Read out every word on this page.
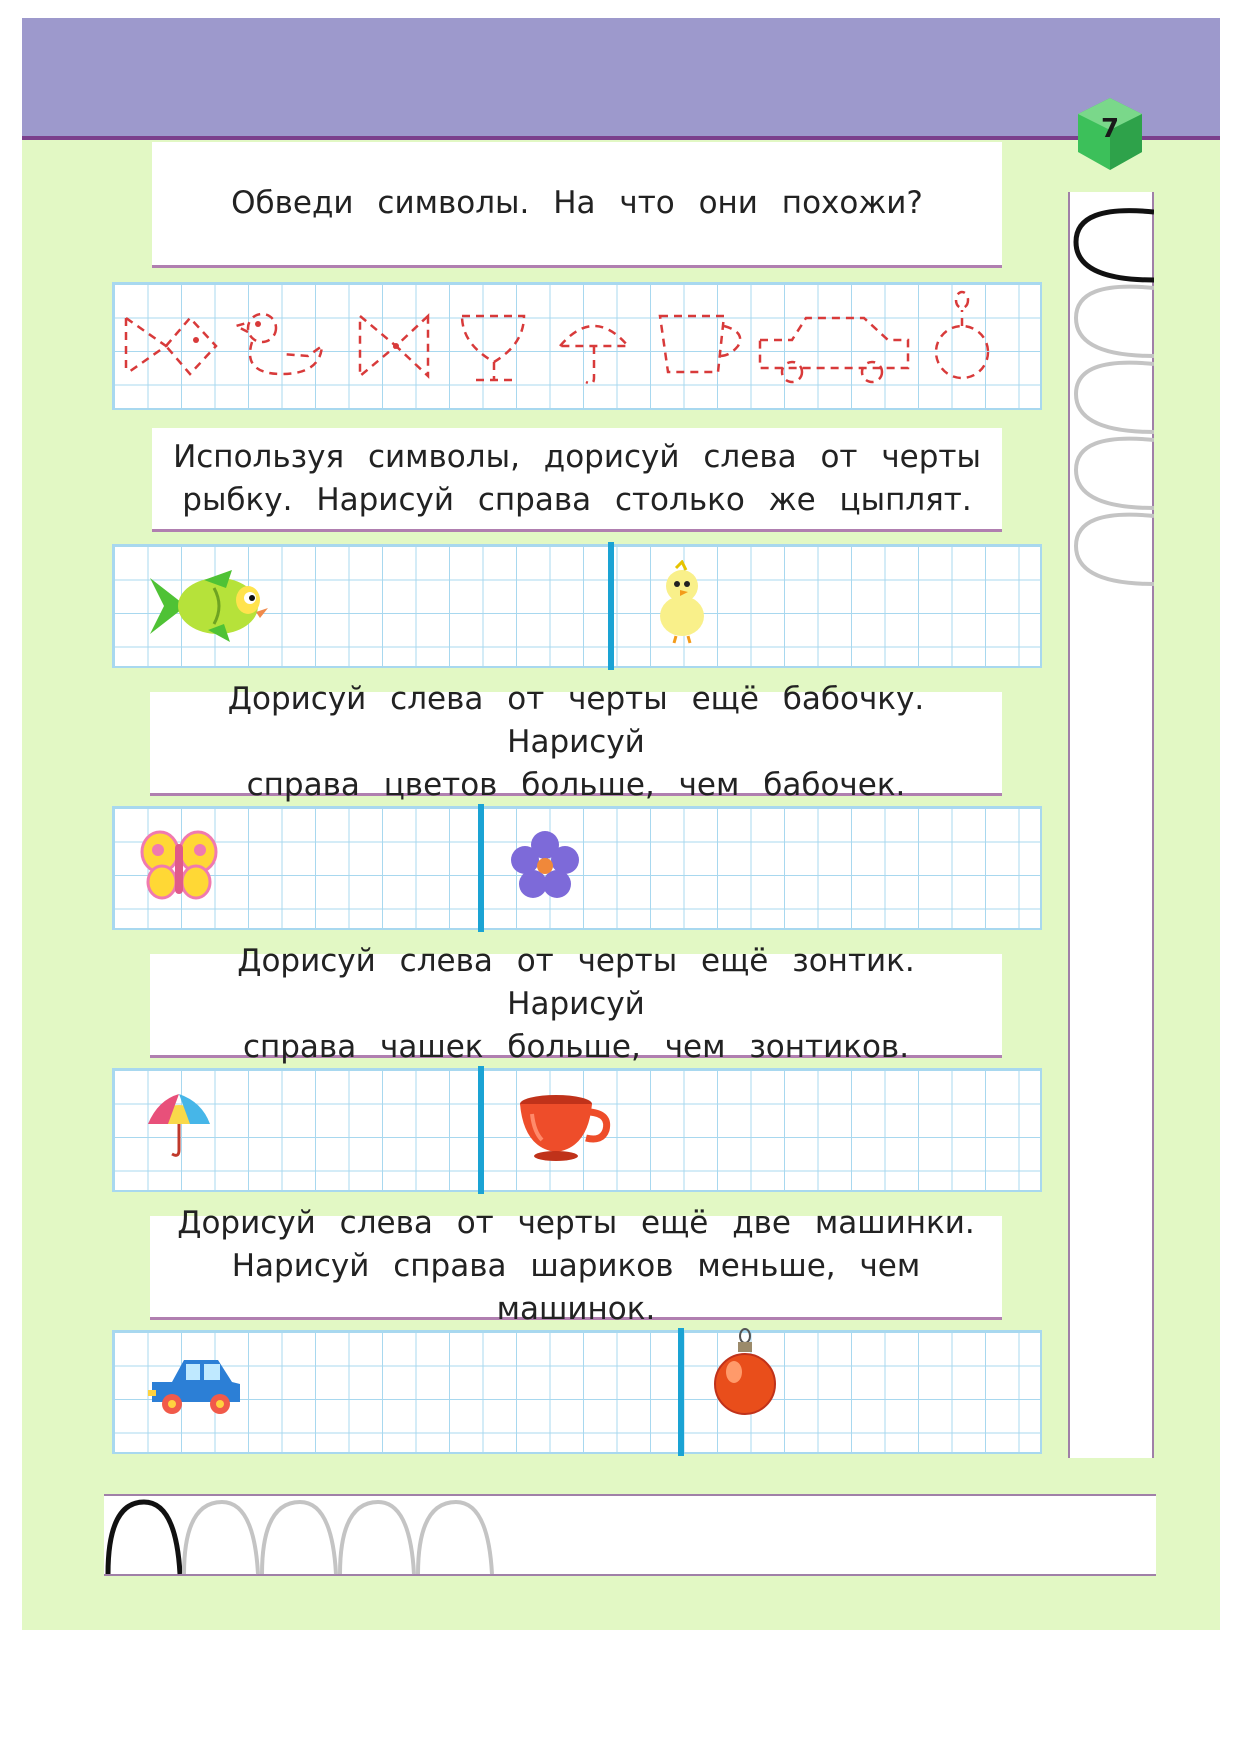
7
Обведи символы. На что они похожи?
Используя символы, дорисуй слева от черты
рыбку. Нарисуй справа столько же цыплят.
Дорисуй слева от черты ещё бабочку. Нарисуй
справа цветов больше, чем бабочек.
Дорисуй слева от черты ещё зонтик. Нарисуй
справа чашек больше, чем зонтиков.
Дорисуй слева от черты ещё две машинки.
Нарисуй справа шариков меньше, чем машинок.
